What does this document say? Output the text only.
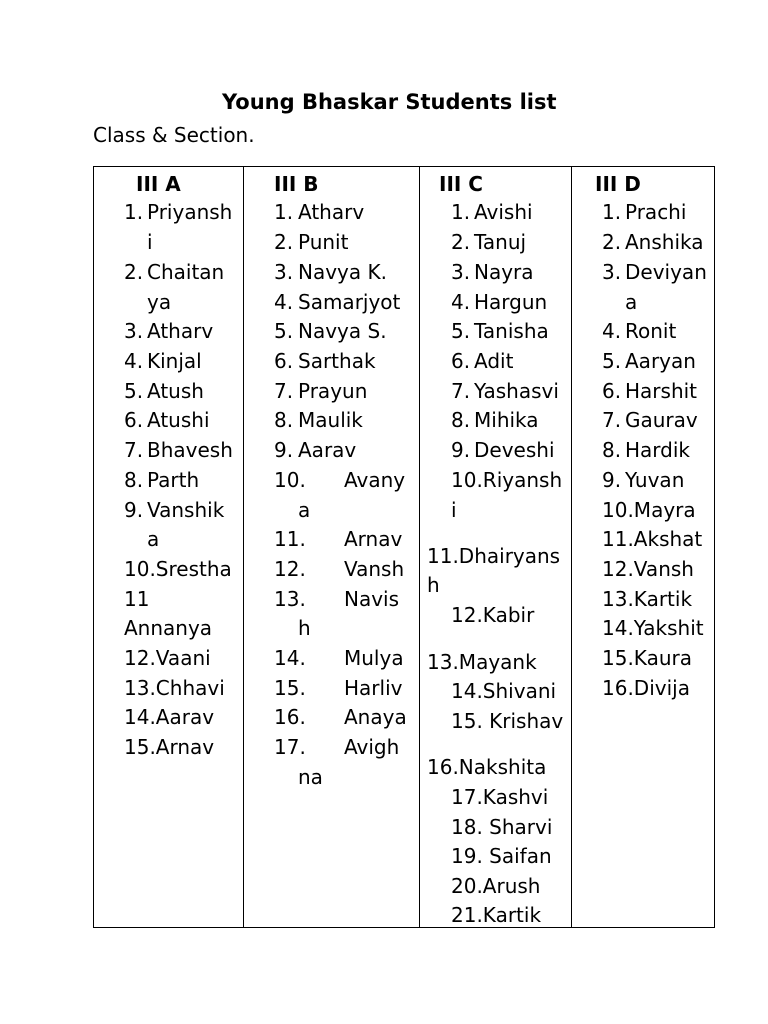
Young Bhaskar Students list
Class & Section.
III A
1. Priyansh
i
2. Chaitan
ya
3. Atharv
4. Kinjal
5. Atush
6. Atushi
7. Bhavesh
8. Parth
9. Vanshik
a
10.Srestha
11
Annanya
12.Vaani
13.Chhavi
14.Aarav
15.Arnav
III B
1. Atharv
2. Punit
3. Navya K.
4. Samarjyot
5. Navya S.
6. Sarthak
7. Prayun
8. Maulik
9. Aarav
10. Avany
a
11. Arnav
12. Vansh
13. Navis
h
14. Mulya
15. Harliv
16. Anaya
17. Avigh
na
III C
1. Avishi
2. Tanuj
3. Nayra
4. Hargun
5. Tanisha
6. Adit
7. Yashasvi
8. Mihika
9. Deveshi
10.Riyansh
i
11.Dhairyans
h
12.Kabir
13.Mayank
14.Shivani
15. Krishav
16.Nakshita
17.Kashvi
18. Sharvi
19. Saifan
20.Arush
21.Kartik
III D
1. Prachi
2. Anshika
3. Deviyan
a
4. Ronit
5. Aaryan
6. Harshit
7. Gaurav
8. Hardik
9. Yuvan
10.Mayra
11.Akshat
12.Vansh
13.Kartik
14.Yakshit
15.Kaura
16.Divija
